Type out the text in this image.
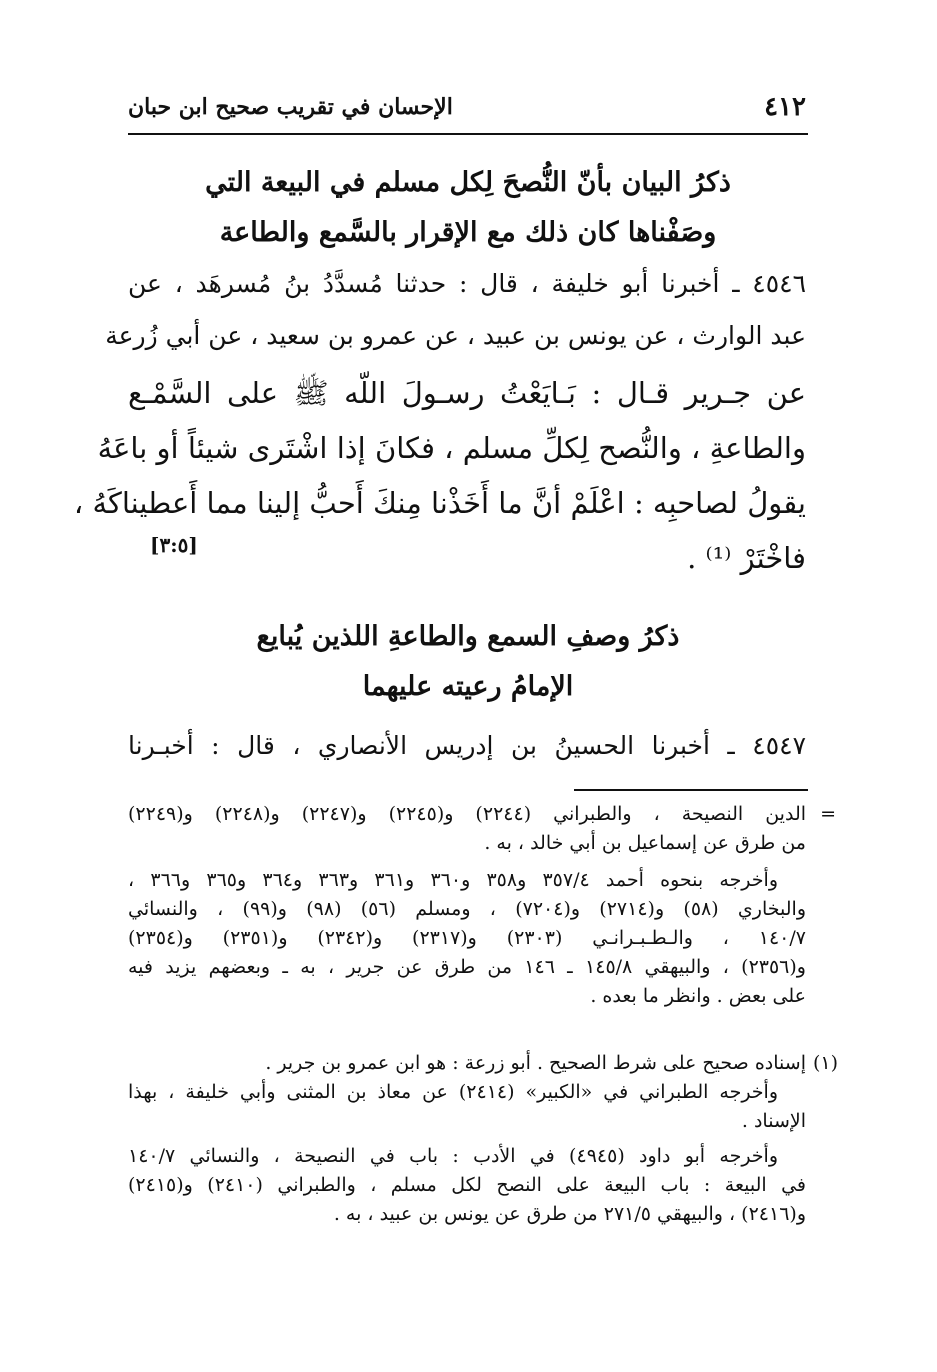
٤١٢
الإحسان في تقريب صحيح ابن حبان
ذكرُ البيان بأنّ النُّصحَ لِكل مسلم في البيعة التي
وصَفْناها كان ذلك مع الإقرار بالسَّمع والطاعة
٤٥٤٦ ـ أخبرنا أبو خليفة ، قال : حدثنا مُسدَّدُ بنُ مُسرهَد ، عن
عبد الوارث ، عن يونس بن عبيد ، عن عمرو بن سعيد ، عن أبي زُرعة
عن جـرير قـال : بَـايَعْتُ رسـولَ اللّه ﷺ على السَّمْـع
والطاعةِ ، والنُّصح لِكلِّ مسلم ، فكانَ إذا اشْتَرى شيئاً أو باعَهُ
يقولُ لصاحبِه : اعْلَمْ أنَّ ما أَخَذْنا مِنكَ أَحبُّ إلينا مما أَعطيناكَهُ ،
فاخْتَرْ ⁽¹⁾ .
[٣:٥]
ذكرُ وصفِ السمع والطاعةِ اللذين يُبايع
الإمامُ رعيته عليهما
٤٥٤٧ ـ أخبرنا الحسينُ بن إدريس الأنصاري ، قال : أخبـرنا
=
الدين النصيحة ، والطبراني (٢٢٤٤) و(٢٢٤٥) و(٢٢٤٧) و(٢٢٤٨) و(٢٢٤٩)
من طرق عن إسماعيل بن أبي خالد ، به .
وأخرجه بنحوه أحمد ٣٥٧/٤ و٣٥٨ و٣٦٠ و٣٦١ و٣٦٣ و٣٦٤ و٣٦٥ و٣٦٦ ،
والبخاري (٥٨) و(٢٧١٤) و(٧٢٠٤) ، ومسلم (٥٦) (٩٨) و(٩٩) ، والنسائي
١٤٠/٧ ، والـطـبـرانـي (٢٣٠٣) و(٢٣١٧) و(٢٣٤٢) و(٢٣٥١) و(٢٣٥٤)
و(٢٣٥٦) ، والبيهقي ١٤٥/٨ ـ ١٤٦ من طرق عن جرير ، به ـ وبعضهم يزيد فيه
على بعض . وانظر ما بعده .
(١)
إسناده صحيح على شرط الصحيح . أبو زرعة : هو ابن عمرو بن جرير .
وأخرجه الطبراني في «الكبير» (٢٤١٤) عن معاذ بن المثنى وأبي خليفة ، بهذا
الإسناد .
وأخرجه أبو داود (٤٩٤٥) في الأدب : باب في النصيحة ، والنسائي ١٤٠/٧
في البيعة : باب البيعة على النصح لكل مسلم ، والطبراني (٢٤١٠) و(٢٤١٥)
و(٢٤١٦) ، والبيهقي ٢٧١/٥ من طرق عن يونس بن عبيد ، به .
